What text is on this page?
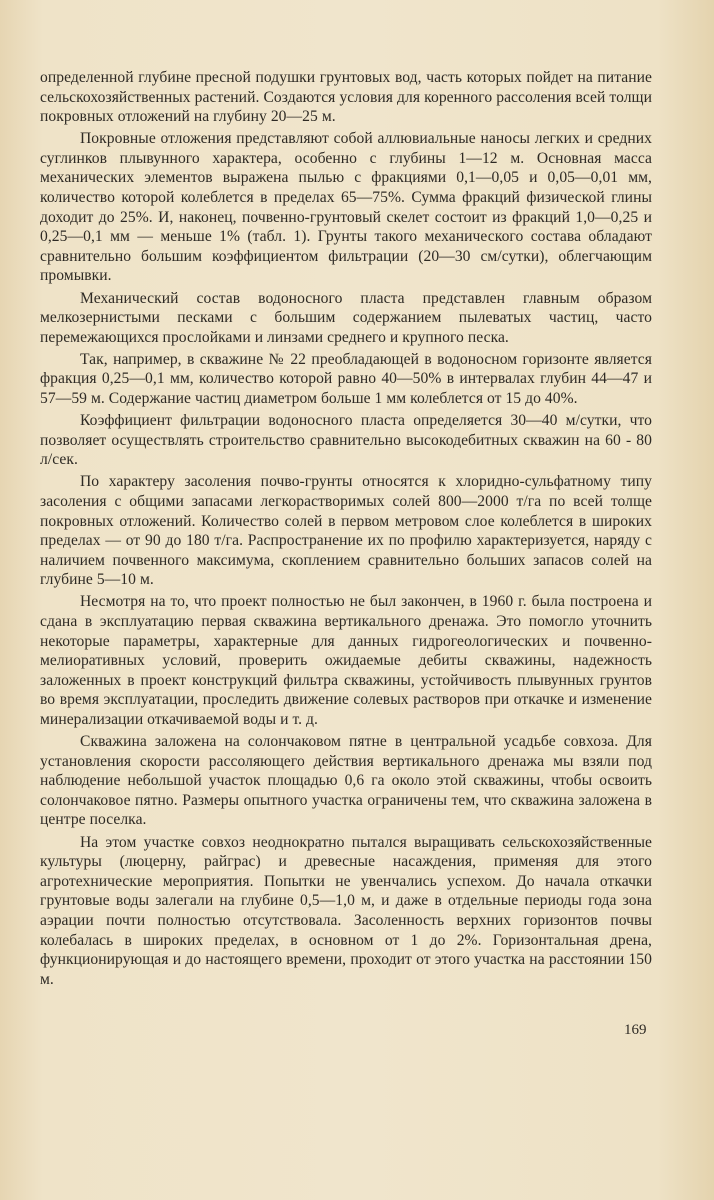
определенной глубине пресной подушки грунтовых вод, часть которых пойдет на питание сельскохозяйственных растений. Создаются условия для коренного рассоления всей толщи покровных отложений на глубину 20—25 м.

Покровные отложения представляют собой аллювиальные наносы легких и средних суглинков плывунного характера, особенно с глубины 1—12 м. Основная масса механических элементов выражена пылью с фракциями 0,1—0,05 и 0,05—0,01 мм, количество которой колеблется в пределах 65—75%. Сумма фракций физической глины доходит до 25%. И, наконец, почвенно-грунтовый скелет состоит из фракций 1,0—0,25 и 0,25—0,1 мм — меньше 1% (табл. 1). Грунты такого механического состава обладают сравнительно большим коэффициентом фильтрации (20—30 см/сутки), облегчающим промывки.

Механический состав водоносного пласта представлен главным образом мелкозернистыми песками с большим содержанием пылеватых частиц, часто перемежающихся прослойками и линзами среднего и крупного песка.

Так, например, в скважине № 22 преобладающей в водоносном горизонте является фракция 0,25—0,1 мм, количество которой равно 40—50% в интервалах глубин 44—47 и 57—59 м. Содержание частиц диаметром больше 1 мм колеблется от 15 до 40%.

Коэффициент фильтрации водоносного пласта определяется 30—40 м/сутки, что позволяет осуществлять строительство сравнительно высокодебитных скважин на 60 - 80 л/сек.

По характеру засоления почво-грунты относятся к хлоридно-сульфатному типу засоления с общими запасами легкорастворимых солей 800—2000 т/га по всей толще покровных отложений. Количество солей в первом метровом слое колеблется в широких пределах — от 90 до 180 т/га. Распространение их по профилю характеризуется, наряду с наличием почвенного максимума, скоплением сравнительно больших запасов солей на глубине 5—10 м.

Несмотря на то, что проект полностью не был закончен, в 1960 г. была построена и сдана в эксплуатацию первая скважина вертикального дренажа. Это помогло уточнить некоторые параметры, характерные для данных гидрогеологических и почвенно-мелиоративных условий, проверить ожидаемые дебиты скважины, надежность заложенных в проект конструкций фильтра скважины, устойчивость плывунных грунтов во время эксплуатации, проследить движение солевых растворов при откачке и изменение минерализации откачиваемой воды и т. д.

Скважина заложена на солончаковом пятне в центральной усадьбе совхоза. Для установления скорости рассоляющего действия вертикального дренажа мы взяли под наблюдение небольшой участок площадью 0,6 га около этой скважины, чтобы освоить солончаковое пятно. Размеры опытного участка ограничены тем, что скважина заложена в центре поселка.

На этом участке совхоз неоднократно пытался выращивать сельскохозяйственные культуры (люцерну, райграс) и древесные насаждения, применяя для этого агротехнические мероприятия. Попытки не увенчались успехом. До начала откачки грунтовые воды залегали на глубине 0,5—1,0 м, и даже в отдельные периоды года зона аэрации почти полностью отсутствовала. Засоленность верхних горизонтов почвы колебалась в широких пределах, в основном от 1 до 2%. Горизонтальная дрена, функционирующая и до настоящего времени, проходит от этого участка на расстоянии 150 м.

169
